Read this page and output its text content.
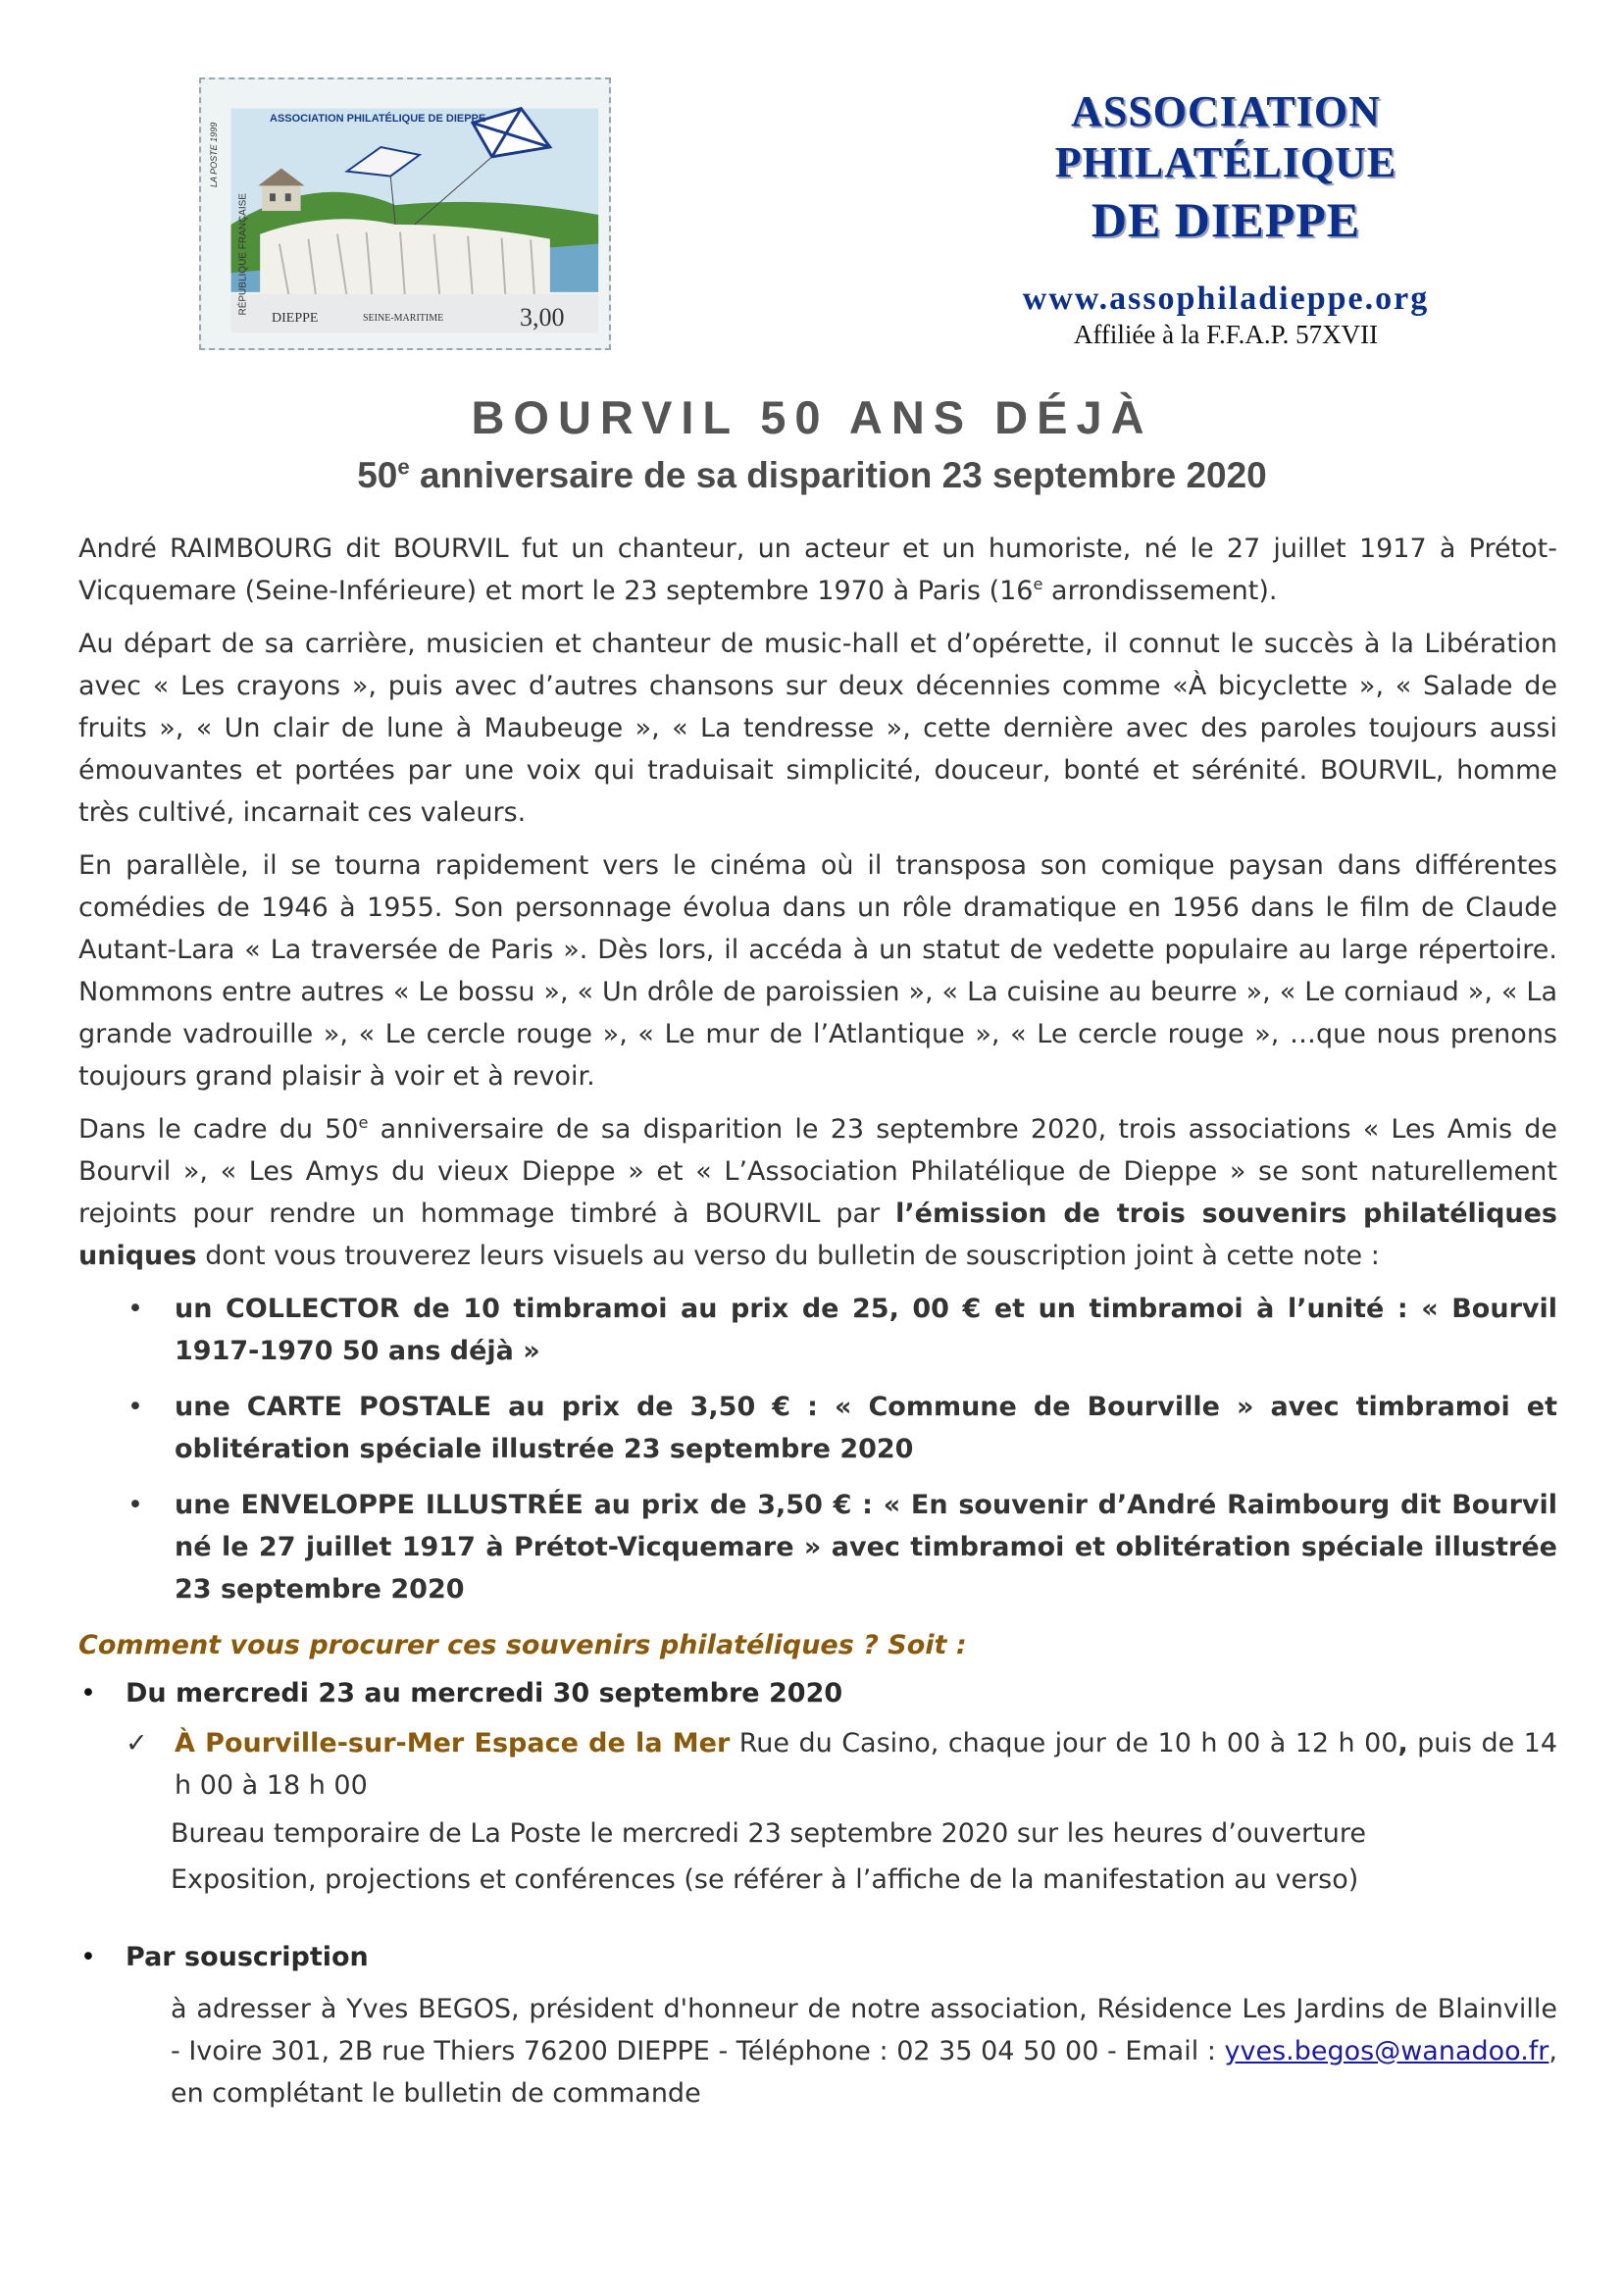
ASSOCIATION PHILATÉLIQUE DE DIEPPE
RÉPUBLIQUE FRANÇAISE
LA POSTE 1999
DIEPPE	SEINE-MARITIME	3,00
ASSOCIATION
PHILATÉLIQUE
DE DIEPPE
www.assophiladieppe.org
Affiliée à la F.F.A.P. 57XVII
BOURVIL 50 ANS DÉJÀ
50e anniversaire de sa disparition 23 septembre 2020

André RAIMBOURG dit BOURVIL fut un chanteur, un acteur et un humoriste, né le 27 juillet 1917 à Prétot-Vicquemare (Seine-Inférieure) et mort le 23 septembre 1970 à Paris (16e arrondissement).

Au départ de sa carrière, musicien et chanteur de music-hall et d’opérette, il connut le succès à la Libération avec « Les crayons », puis avec d’autres chansons sur deux décennies comme «À bicyclette », « Salade de fruits », « Un clair de lune à Maubeuge », « La tendresse », cette dernière avec des paroles toujours aussi émouvantes et portées par une voix qui traduisait simplicité, douceur, bonté et sérénité. BOURVIL, homme très cultivé, incarnait ces valeurs.

En parallèle, il se tourna rapidement vers le cinéma où il transposa son comique paysan dans différentes comédies de 1946 à 1955. Son personnage évolua dans un rôle dramatique en 1956 dans le film de Claude Autant-Lara « La traversée de Paris ». Dès lors, il accéda à un statut de vedette populaire au large répertoire. Nommons entre autres « Le bossu », « Un drôle de paroissien », « La cuisine au beurre », « Le corniaud », « La grande vadrouille », « Le cercle rouge », « Le mur de l’Atlantique », « Le cercle rouge », …que nous prenons toujours grand plaisir à voir et à revoir.

Dans le cadre du 50e anniversaire de sa disparition le 23 septembre 2020, trois associations « Les Amis de Bourvil », « Les Amys du vieux Dieppe » et « L’Association Philatélique de Dieppe » se sont naturellement rejoints pour rendre un hommage timbré à BOURVIL par l’émission de trois souvenirs philatéliques uniques dont vous trouverez leurs visuels au verso du bulletin de souscription joint à cette note :

• un COLLECTOR de 10 timbramoi au prix de 25, 00 € et un timbramoi à l’unité : « Bourvil 1917-1970 50 ans déjà »
• une CARTE POSTALE au prix de 3,50 € : « Commune de Bourville » avec timbramoi et oblitération spéciale illustrée 23 septembre 2020
• une ENVELOPPE ILLUSTRÉE au prix de 3,50 € : « En souvenir d’André Raimbourg dit Bourvil né le 27 juillet 1917 à Prétot-Vicquemare » avec timbramoi et oblitération spéciale illustrée 23 septembre 2020
Comment vous procurer ces souvenirs philatéliques ? Soit :
• Du mercredi 23 au mercredi 30 septembre 2020
✓ À Pourville-sur-Mer Espace de la Mer Rue du Casino, chaque jour de 10 h 00 à 12 h 00, puis de 14 h 00 à 18 h 00
Bureau temporaire de La Poste le mercredi 23 septembre 2020 sur les heures d’ouverture
Exposition, projections et conférences (se référer à l’affiche de la manifestation au verso)
• Par souscription
à adresser à Yves BEGOS, président d'honneur de notre association, Résidence Les Jardins de Blainville - Ivoire 301, 2B rue Thiers 76200 DIEPPE - Téléphone : 02 35 04 50 00 - Email : yves.begos@wanadoo.fr, en complétant le bulletin de commande
